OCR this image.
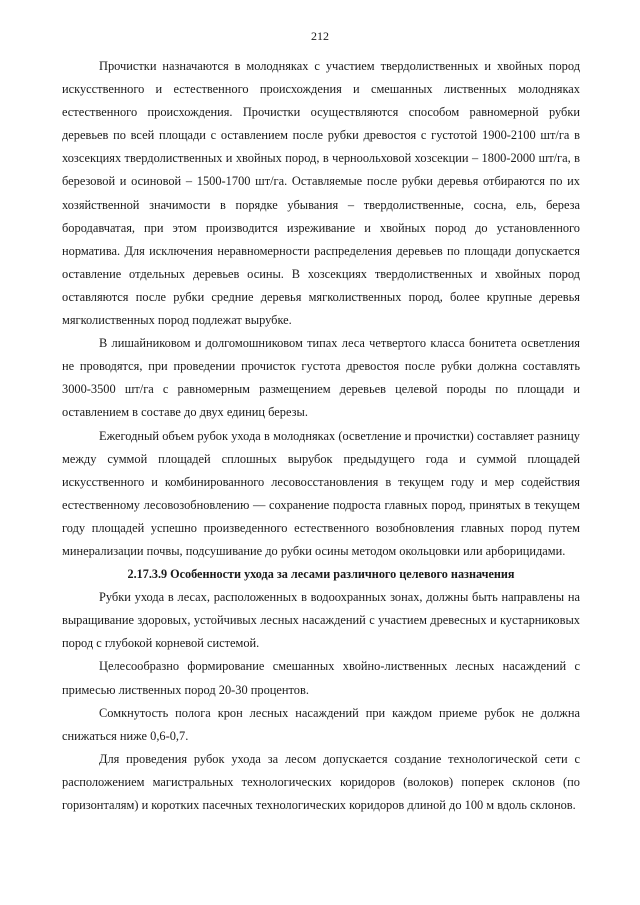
212

Прочистки назначаются в молодняках с участием твердолиственных и хвойных пород искусственного и естественного происхождения и смешанных лиственных молодняках естественного происхождения. Прочистки осуществляются способом равномерной рубки деревьев по всей площади с оставлением после рубки древостоя с густотой 1900-2100 шт/га в хозсекциях твердолиственных и хвойных пород, в черноольховой хозсекции – 1800-2000 шт/га, в березовой и осиновой – 1500-1700 шт/га. Оставляемые после рубки деревья отбираются по их хозяйственной значимости в порядке убывания – твердолиственные, сосна, ель, береза бородавчатая, при этом производится изреживание и хвойных пород до установленного норматива. Для исключения неравномерности распределения деревьев по площади допускается оставление отдельных деревьев осины. В хозсекциях твердолиственных и хвойных пород оставляются после рубки средние деревья мягколиственных пород, более крупные деревья мягколиственных пород подлежат вырубке.

В лишайниковом и долгомошниковом типах леса четвертого класса бонитета осветления не проводятся, при проведении прочисток густота древостоя после рубки должна составлять 3000-3500 шт/га с равномерным размещением деревьев целевой породы по площади и оставлением в составе до двух единиц березы.

Ежегодный объем рубок ухода в молодняках (осветление и прочистки) составляет разницу между суммой площадей сплошных вырубок предыдущего года и суммой площадей искусственного и комбинированного лесовосстановления в текущем году и мер содействия естественному лесовозобновлению — сохранение подроста главных пород, принятых в текущем году площадей успешно произведенного естественного возобновления главных пород путем минерализации почвы, подсушивание до рубки осины методом окольцовки или арборицидами.

2.17.3.9 Особенности ухода за лесами различного целевого назначения

Рубки ухода в лесах, расположенных в водоохранных зонах, должны быть направлены на выращивание здоровых, устойчивых лесных насаждений с участием древесных и кустарниковых пород с глубокой корневой системой.

Целесообразно формирование смешанных хвойно-лиственных лесных насаждений с примесью лиственных пород 20-30 процентов.

Сомкнутость полога крон лесных насаждений при каждом приеме рубок не должна снижаться ниже 0,6-0,7.

Для проведения рубок ухода за лесом допускается создание технологической сети с расположением магистральных технологических коридоров (волоков) поперек склонов (по горизонталям) и коротких пасечных технологических коридоров длиной до 100 м вдоль склонов.
